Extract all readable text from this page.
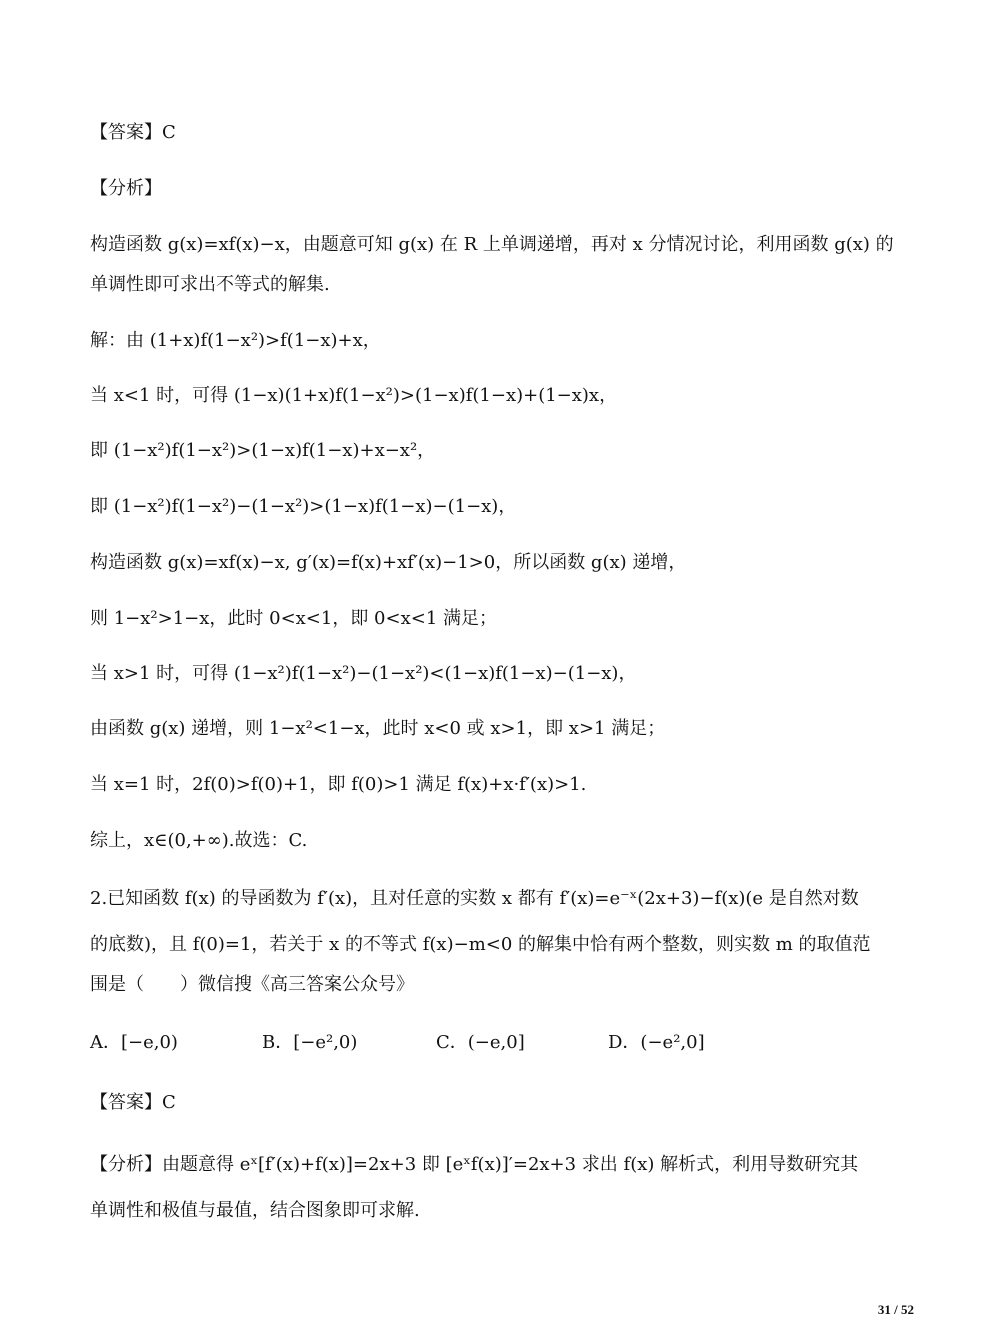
【答案】C
【分析】
构造函数 g(x)=xf(x)−x，由题意可知 g(x) 在 R 上单调递增，再对 x 分情况讨论，利用函数 g(x) 的
单调性即可求出不等式的解集.
解：由 (1+x)f(1−x²)>f(1−x)+x，
当 x<1 时，可得 (1−x)(1+x)f(1−x²)>(1−x)f(1−x)+(1−x)x，
即 (1−x²)f(1−x²)>(1−x)f(1−x)+x−x²，
即 (1−x²)f(1−x²)−(1−x²)>(1−x)f(1−x)−(1−x)，
构造函数 g(x)=xf(x)−x, g′(x)=f(x)+xf′(x)−1>0，所以函数 g(x) 递增，
则 1−x²>1−x，此时 0<x<1，即 0<x<1 满足；
当 x>1 时，可得 (1−x²)f(1−x²)−(1−x²)<(1−x)f(1−x)−(1−x)，
由函数 g(x) 递增，则 1−x²<1−x，此时 x<0 或 x>1，即 x>1 满足；
当 x=1 时，2f(0)>f(0)+1，即 f(0)>1 满足 f(x)+x·f′(x)>1.
综上，x∈(0,+∞).故选：C.
2.已知函数 f(x) 的导函数为 f′(x)，且对任意的实数 x 都有 f′(x)=e⁻ˣ(2x+3)−f(x)(e 是自然对数
的底数)，且 f(0)=1，若关于 x 的不等式 f(x)−m<0 的解集中恰有两个整数，则实数 m 的取值范
围是（　　）微信搜《高三答案公众号》
A．[−e,0)	B．[−e²,0)	C．(−e,0]	D．(−e²,0]
【答案】C
【分析】由题意得 eˣ[f′(x)+f(x)]=2x+3 即 [eˣf(x)]′=2x+3 求出 f(x) 解析式，利用导数研究其
单调性和极值与最值，结合图象即可求解.
31 / 52
